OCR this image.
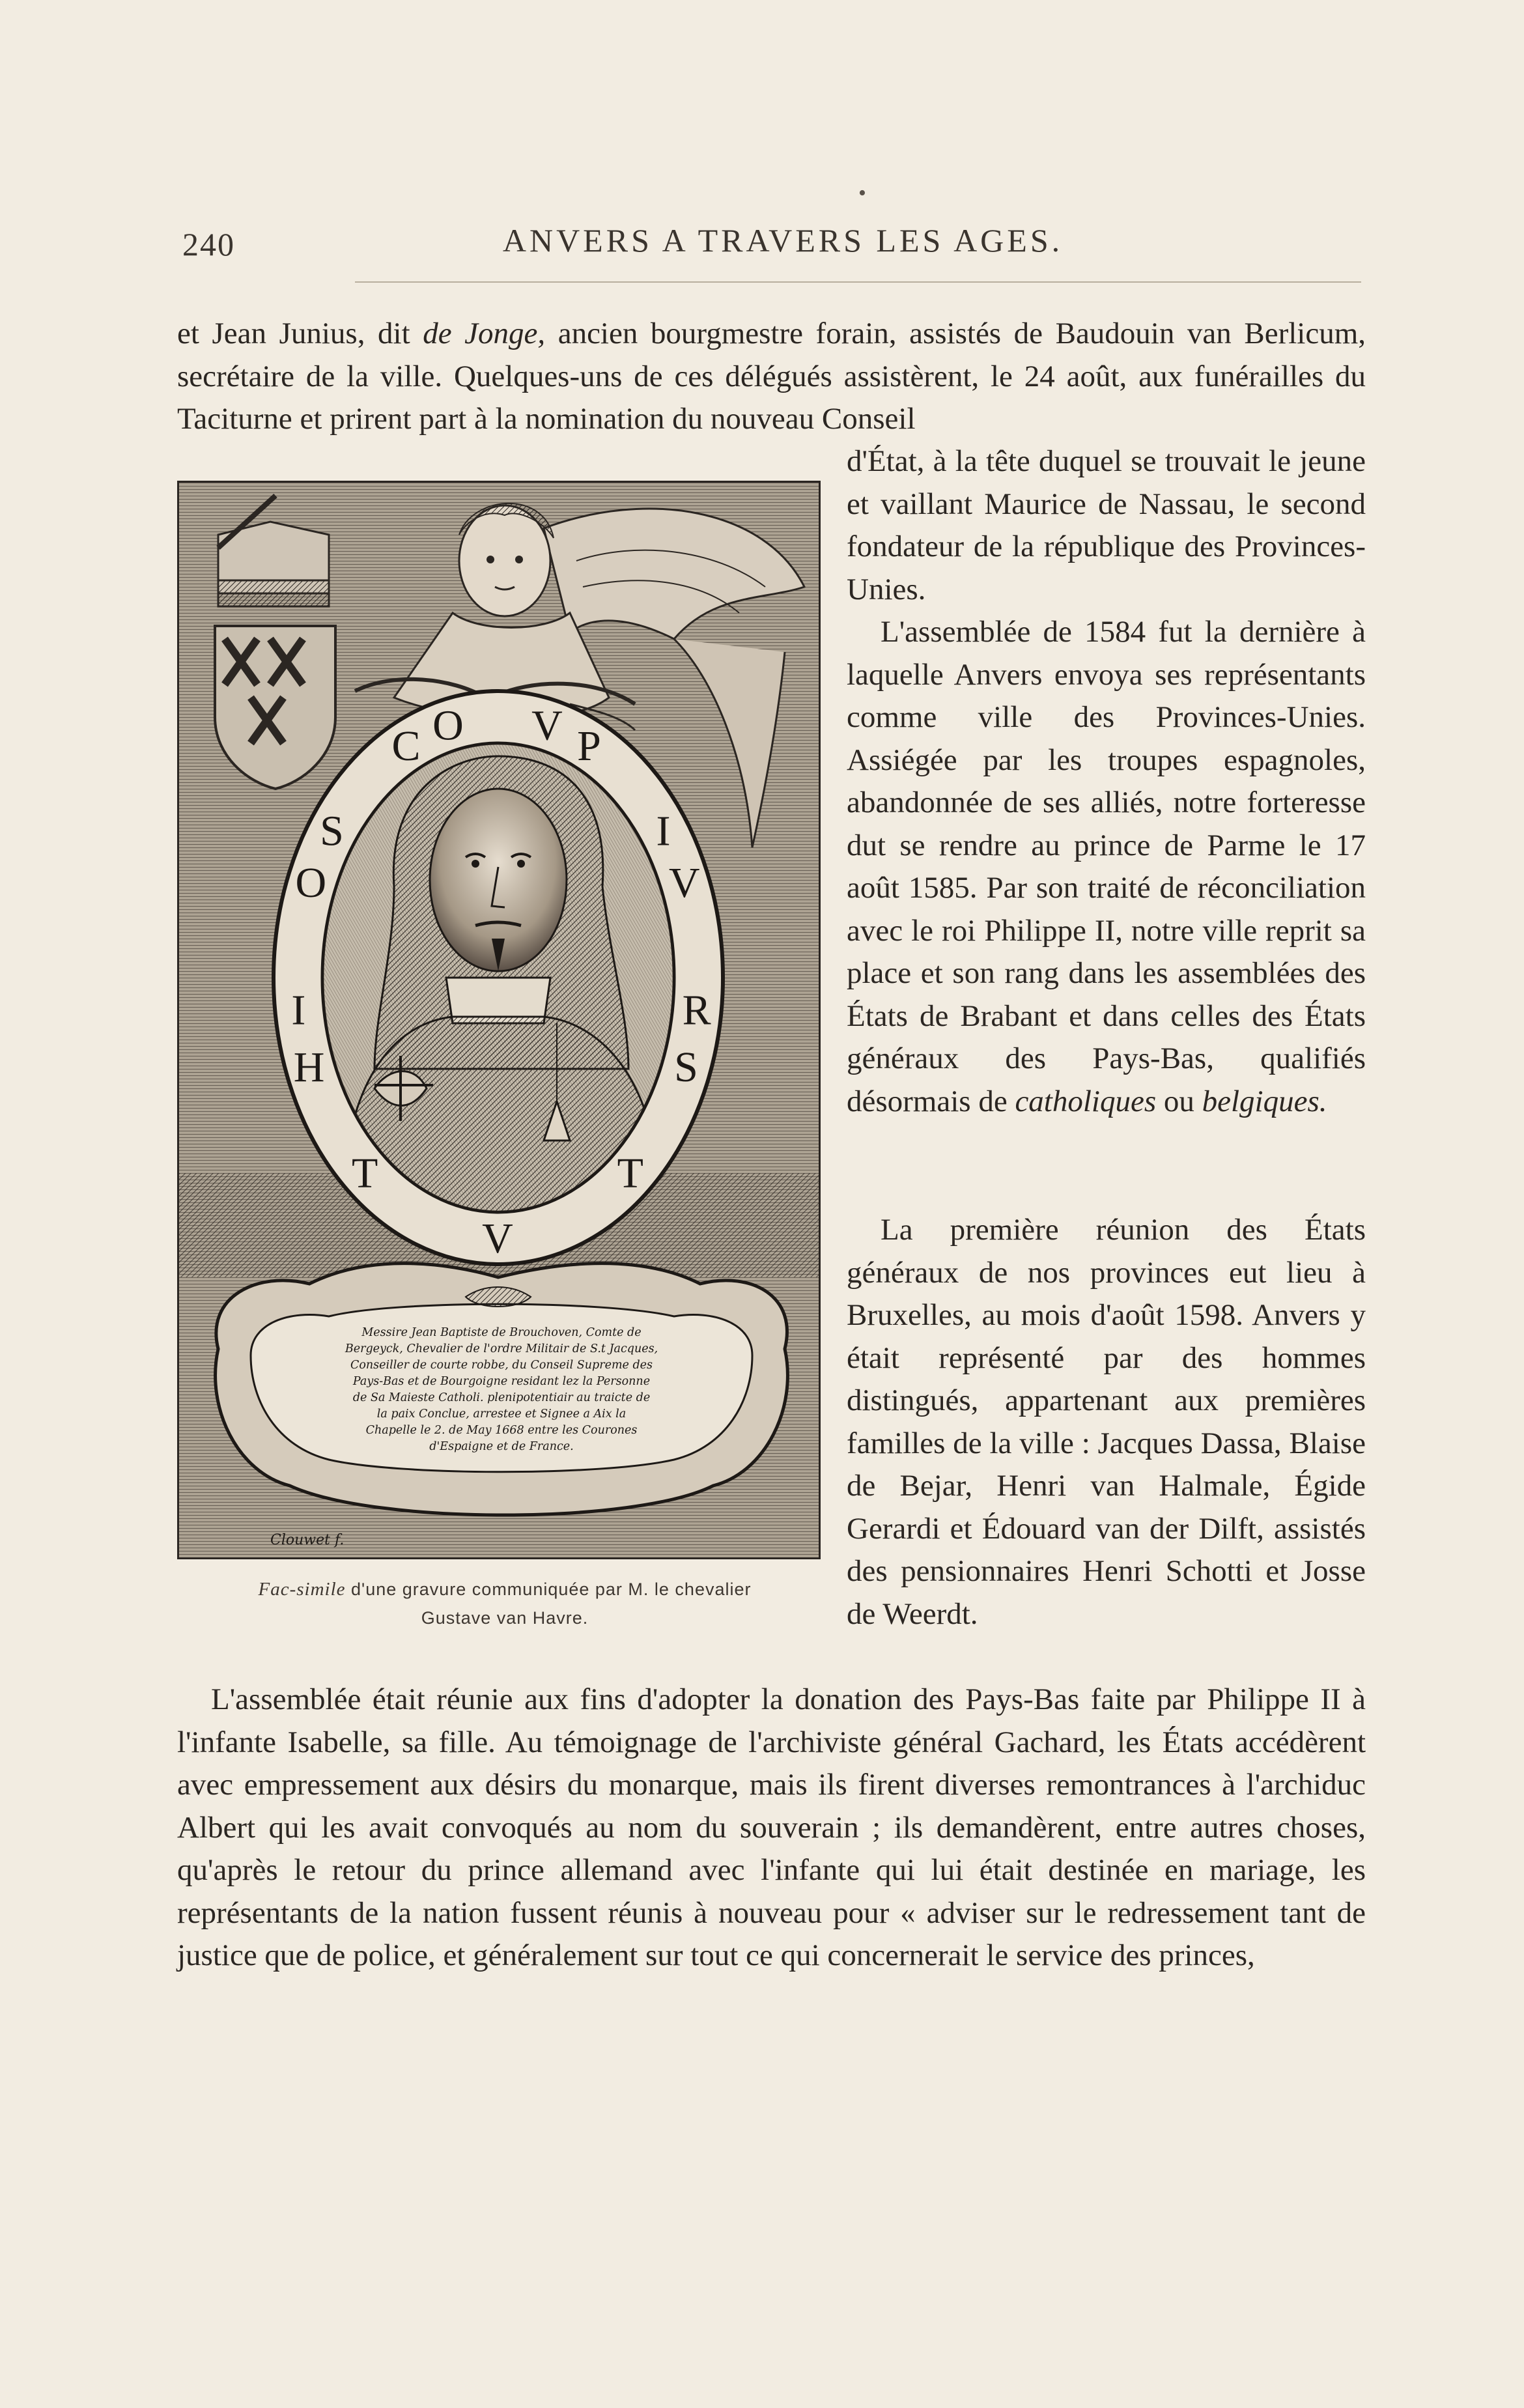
•
240	ANVERS A TRAVERS LES AGES.
et Jean Junius, dit de Jonge, ancien bourgmestre forain, assistés de Baudouin van Berlicum, secrétaire de la ville. Quelques-uns de ces délégués assistèrent, le 24 août, aux funérailles du Taciturne et prirent part à la nomination du nouveau Conseil
d'État, à la tête duquel se trouvait le jeune et vaillant Maurice de Nassau, le second fondateur de la république des Provinces-Unies.
L'assemblée de 1584 fut la dernière à laquelle Anvers envoya ses représentants comme ville des Provinces-Unies. Assiégée par les troupes espagnoles, abandonnée de ses alliés, notre forteresse dut se rendre au prince de Parme le 17 août 1585. Par son traité de réconciliation avec le roi Philippe II, notre ville reprit sa place et son rang dans les assemblées des États de Brabant et dans celles des États généraux des Pays-Bas, qualifiés désormais de catholiques ou belgiques.
La première réunion des États généraux de nos provinces eut lieu à Bruxelles, au mois d'août 1598. Anvers y était représenté par des hommes distingués, appartenant aux premières familles de la ville : Jacques Dassa, Blaise de Bejar, Henri van Halmale, Égide Gerardi et Édouard van der Dilft, assistés des pensionnaires Henri Schotti et Josse de Weerdt.
L'assemblée était réunie aux fins d'adopter la donation des Pays-Bas faite par Philippe II à l'infante Isabelle, sa fille. Au témoignage de l'archiviste général Gachard, les États accédèrent avec empressement aux désirs du monarque, mais ils firent diverses remontrances à l'archiduc Albert qui les avait convoqués au nom du souverain ; ils demandèrent, entre autres choses, qu'après le retour du prince allemand avec l'infante qui lui était destinée en mariage, les représentants de la nation fussent réunis à nouveau pour « adviser sur le redressement tant de justice que de police, et généralement sur tout ce qui concernerait le service des princes,
H
O
C	V
I
R
T
V
T
I
S
O	P
V
S
Messire Jean Baptiste de Brouchoven, Comte de
Bergeyck, Chevalier de l'ordre Militair de S.t Jacques,
Conseiller de courte robbe, du Conseil Supreme des
Pays-Bas et de Bourgoigne residant lez la Personne
de Sa Maieste Catholi. plenipotentiair au traicte de
la paix Conclue, arrestee et Signee a Aix la
Chapelle le 2. de May 1668 entre les Courones
d'Espaigne et de France.
Clouwet f.
Fac-simile d'une gravure communiquée par M. le chevalier
Gustave van Havre.
